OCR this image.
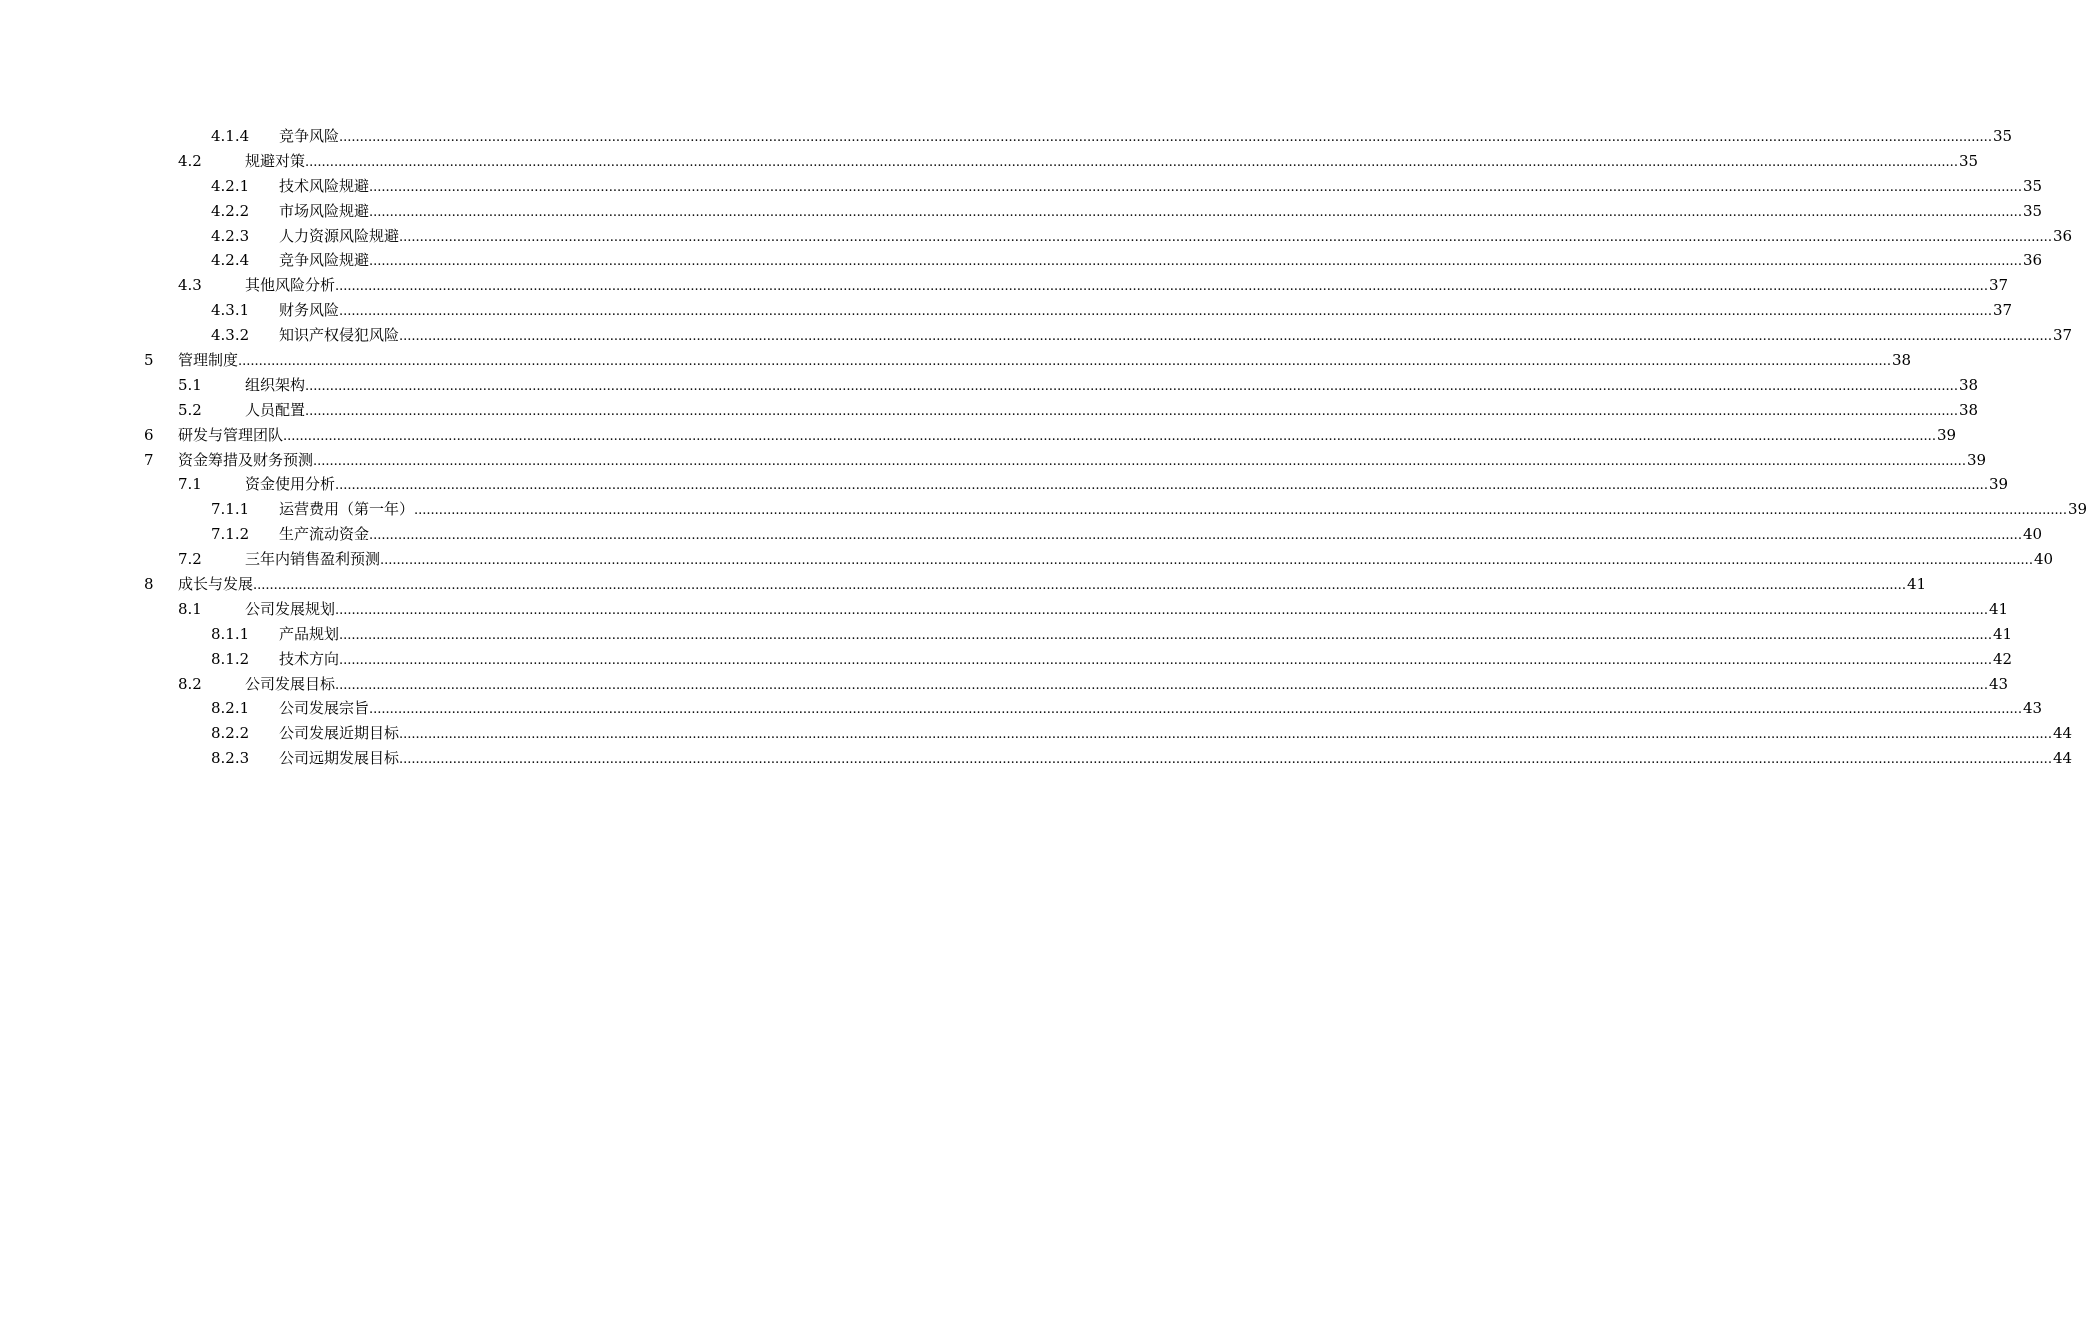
4.1.4 竞争风险 ................................................................................................................................................................................................................................................................................................................................................................................................................ 35
4.2	规避对策 ................................................................................................................................................................................................................................................................................................................................................................................................................ 35
4.2.1 技术风险规避 ................................................................................................................................................................................................................................................................................................................................................................................................................ 35
4.2.2 市场风险规避 ................................................................................................................................................................................................................................................................................................................................................................................................................ 35
4.2.3 人力资源风险规避 ................................................................................................................................................................................................................................................................................................................................................................................................................ 36
4.2.4 竞争风险规避 ................................................................................................................................................................................................................................................................................................................................................................................................................ 36
4.3	其他风险分析 ................................................................................................................................................................................................................................................................................................................................................................................................................ 37
4.3.1 财务风险 ................................................................................................................................................................................................................................................................................................................................................................................................................ 37
4.3.2 知识产权侵犯风险 ................................................................................................................................................................................................................................................................................................................................................................................................................ 37
5 管理制度 ................................................................................................................................................................................................................................................................................................................................................................................................................ 38
5.1	组织架构 ................................................................................................................................................................................................................................................................................................................................................................................................................ 38
5.2	人员配置 ................................................................................................................................................................................................................................................................................................................................................................................................................ 38
6 研发与管理团队 ................................................................................................................................................................................................................................................................................................................................................................................................................ 39
7 资金筹措及财务预测 ................................................................................................................................................................................................................................................................................................................................................................................................................ 39
7.1	资金使用分析 ................................................................................................................................................................................................................................................................................................................................................................................................................ 39
7.1.1 运营费用（第一年） ................................................................................................................................................................................................................................................................................................................................................................................................................ 39
7.1.2 生产流动资金 ................................................................................................................................................................................................................................................................................................................................................................................................................ 40
7.2	三年内销售盈利预测 ................................................................................................................................................................................................................................................................................................................................................................................................................ 40
8 成长与发展 ................................................................................................................................................................................................................................................................................................................................................................................................................ 41
8.1	公司发展规划 ................................................................................................................................................................................................................................................................................................................................................................................................................ 41
8.1.1 产品规划 ................................................................................................................................................................................................................................................................................................................................................................................................................ 41
8.1.2 技术方向 ................................................................................................................................................................................................................................................................................................................................................................................................................ 42
8.2	公司发展目标 ................................................................................................................................................................................................................................................................................................................................................................................................................ 43
8.2.1 公司发展宗旨 ................................................................................................................................................................................................................................................................................................................................................................................................................ 43
8.2.2 公司发展近期目标 ................................................................................................................................................................................................................................................................................................................................................................................................................ 44
8.2.3 公司远期发展目标 ................................................................................................................................................................................................................................................................................................................................................................................................................ 44
